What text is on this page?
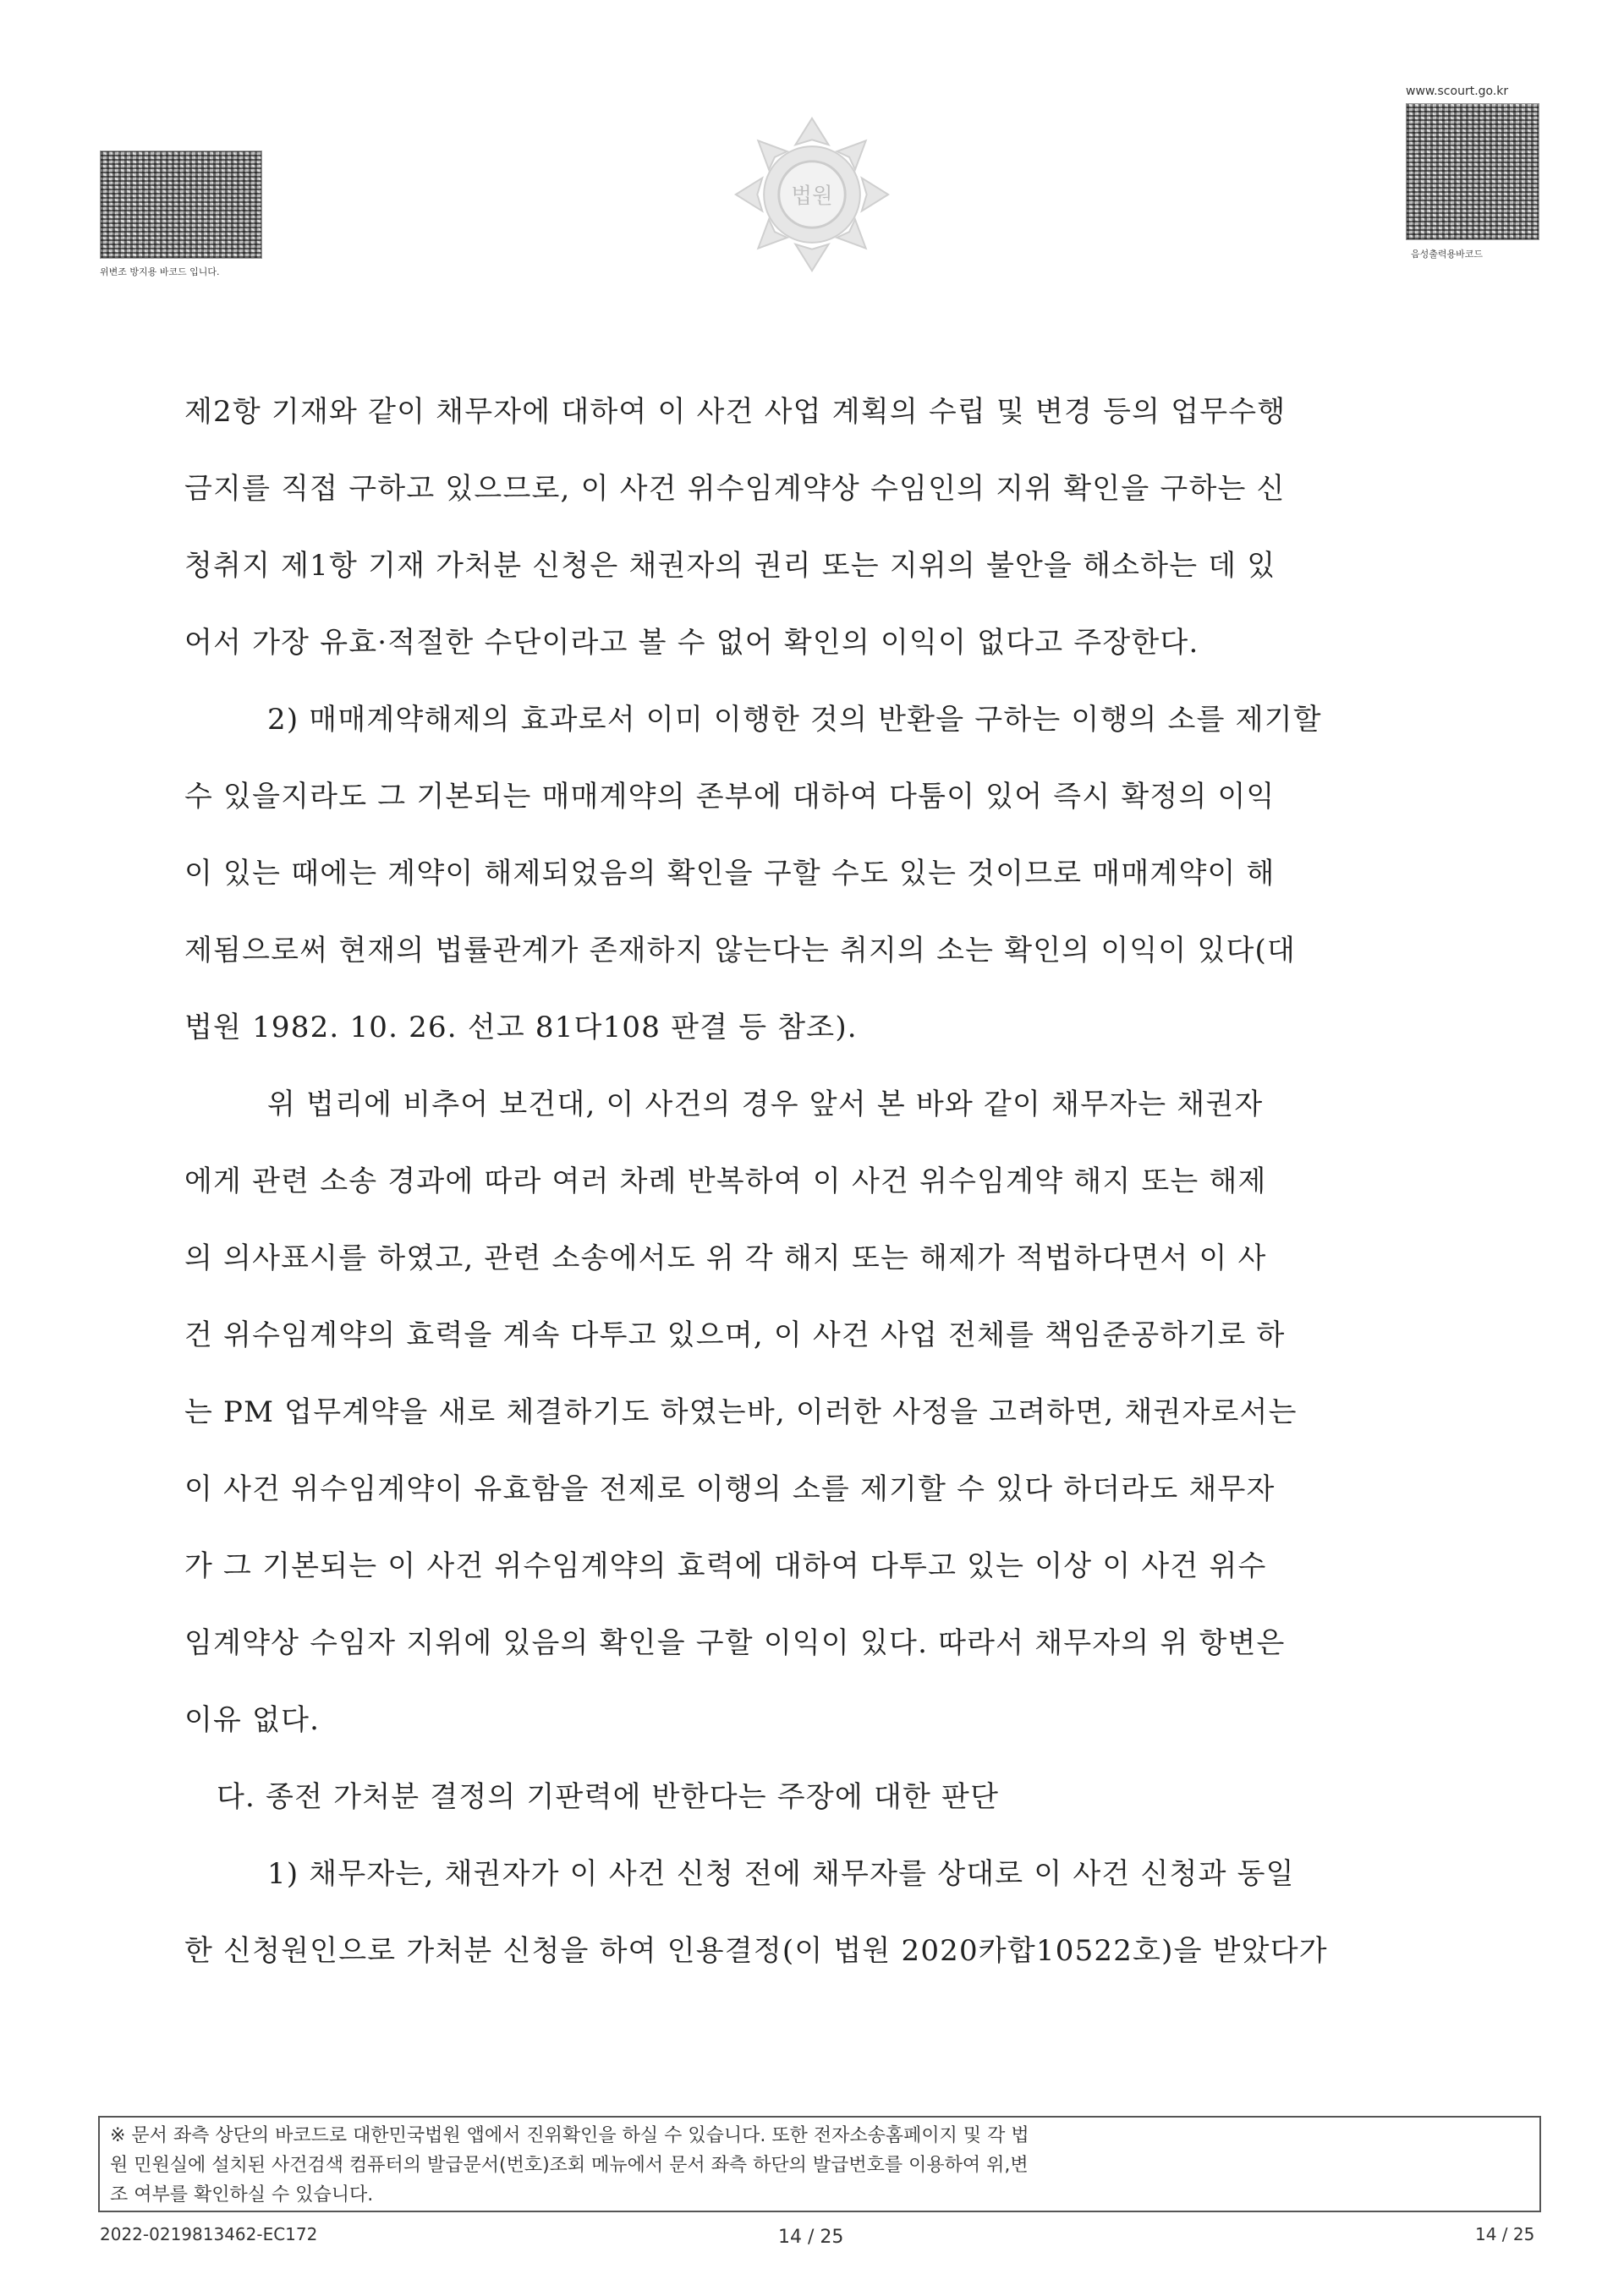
위변조 방지용 바코드 입니다.
www.scourt.go.kr
음성출력용바코드
법원
제2항 기재와 같이 채무자에 대하여 이 사건 사업 계획의 수립 및 변경 등의 업무수행
금지를 직접 구하고 있으므로, 이 사건 위수임계약상 수임인의 지위 확인을 구하는 신
청취지 제1항 기재 가처분 신청은 채권자의 권리 또는 지위의 불안을 해소하는 데 있
어서 가장 유효·적절한 수단이라고 볼 수 없어 확인의 이익이 없다고 주장한다.
2) 매매계약해제의 효과로서 이미 이행한 것의 반환을 구하는 이행의 소를 제기할
수 있을지라도 그 기본되는 매매계약의 존부에 대하여 다툼이 있어 즉시 확정의 이익
이 있는 때에는 계약이 해제되었음의 확인을 구할 수도 있는 것이므로 매매계약이 해
제됨으로써 현재의 법률관계가 존재하지 않는다는 취지의 소는 확인의 이익이 있다(대
법원 1982. 10. 26. 선고 81다108 판결 등 참조).
위 법리에 비추어 보건대, 이 사건의 경우 앞서 본 바와 같이 채무자는 채권자
에게 관련 소송 경과에 따라 여러 차례 반복하여 이 사건 위수임계약 해지 또는 해제
의 의사표시를 하였고, 관련 소송에서도 위 각 해지 또는 해제가 적법하다면서 이 사
건 위수임계약의 효력을 계속 다투고 있으며, 이 사건 사업 전체를 책임준공하기로 하
는 PM 업무계약을 새로 체결하기도 하였는바, 이러한 사정을 고려하면, 채권자로서는
이 사건 위수임계약이 유효함을 전제로 이행의 소를 제기할 수 있다 하더라도 채무자
가 그 기본되는 이 사건 위수임계약의 효력에 대하여 다투고 있는 이상 이 사건 위수
임계약상 수임자 지위에 있음의 확인을 구할 이익이 있다. 따라서 채무자의 위 항변은
이유 없다.
다. 종전 가처분 결정의 기판력에 반한다는 주장에 대한 판단
1) 채무자는, 채권자가 이 사건 신청 전에 채무자를 상대로 이 사건 신청과 동일
한 신청원인으로 가처분 신청을 하여 인용결정(이 법원 2020카합10522호)을 받았다가
※ 문서 좌측 상단의 바코드로 대한민국법원 앱에서 진위확인을 하실 수 있습니다. 또한 전자소송홈페이지 및 각 법
원 민원실에 설치된 사건검색 컴퓨터의 발급문서(번호)조회 메뉴에서 문서 좌측 하단의 발급번호를 이용하여 위,변
조 여부를 확인하실 수 있습니다.
2022-0219813462-EC172	14 / 25	14 / 25
